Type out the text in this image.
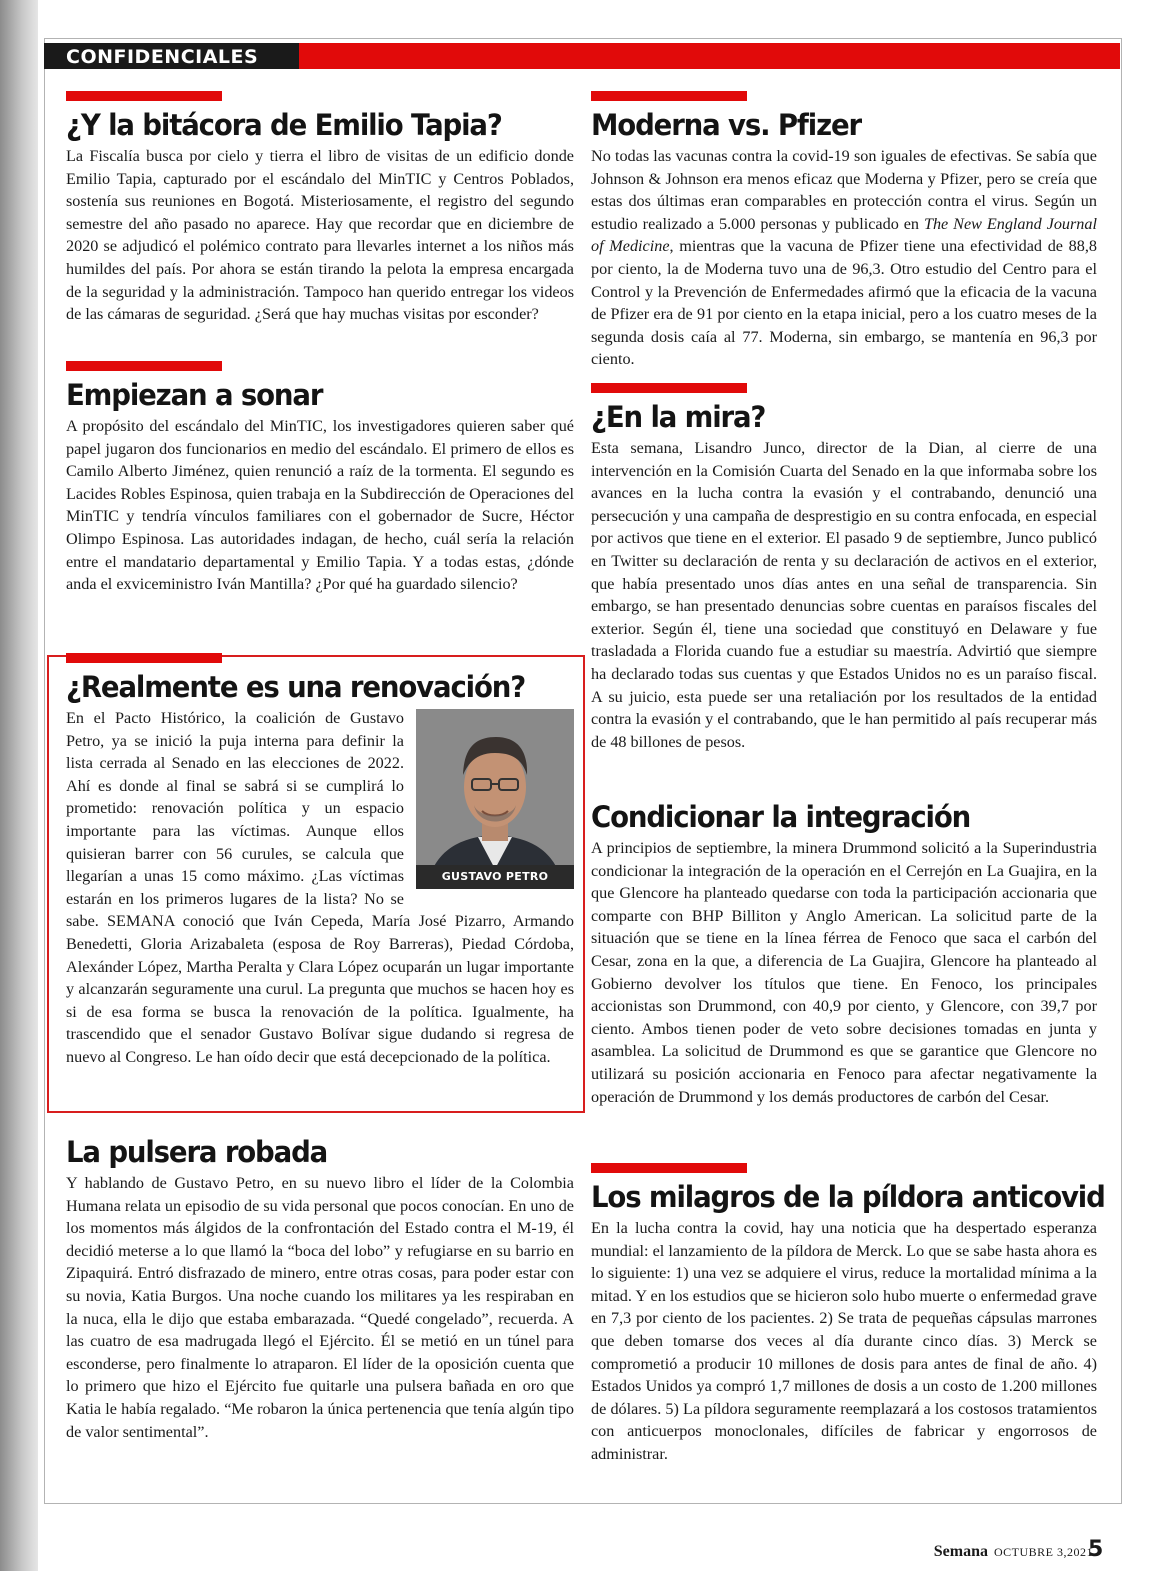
CONFIDENCIALES
¿Y la bitácora de Emilio Tapia?

La Fiscalía busca por cielo y tierra el libro de visitas de un edificio donde Emilio Tapia, capturado por el escándalo del MinTIC y Centros Poblados, sostenía sus reuniones en Bogotá. Misteriosamente, el registro del segundo semestre del año pasado no aparece. Hay que recordar que en diciembre de 2020 se adjudicó el polémico contrato para llevarles internet a los niños más humildes del país. Por ahora se están tirando la pelota la empresa encargada de la seguridad y la administración. Tampoco han querido entregar los videos de las cámaras de seguridad. ¿Será que hay muchas visitas por esconder?

Empiezan a sonar

A propósito del escándalo del MinTIC, los investigadores quieren saber qué papel jugaron dos funcionarios en medio del escándalo. El primero de ellos es Camilo Alberto Jiménez, quien renunció a raíz de la tormenta. El segundo es Lacides Robles Espinosa, quien trabaja en la Subdirección de Operaciones del MinTIC y tendría vínculos familiares con el gobernador de Sucre, Héctor Olimpo Espinosa. Las autoridades indagan, de hecho, cuál sería la relación entre el mandatario departamental y Emilio Tapia. Y a todas estas, ¿dónde anda el exviceministro Iván Mantilla? ¿Por qué ha guardado silencio?

¿Realmente es una renovación?
GUSTAVO PETRO

En el Pacto Histórico, la coalición de Gustavo Petro, ya se inició la puja interna para definir la lista cerrada al Senado en las elecciones de 2022. Ahí es donde al final se sabrá si se cumplirá lo prometido: renovación política y un espacio importante para las víctimas. Aunque ellos quisieran barrer con 56 curules, se calcula que llegarían a unas 15 como máximo. ¿Las víctimas estarán en los primeros lugares de la lista? No se sabe. SEMANA conoció que Iván Cepeda, María José Pizarro, Armando Benedetti, Gloria Arizabaleta (esposa de Roy Barreras), Piedad Córdoba, Alexánder López, Martha Peralta y Clara López ocuparán un lugar importante y alcanzarán seguramente una curul. La pregunta que muchos se hacen hoy es si de esa forma se busca la renovación de la política. Igualmente, ha trascendido que el senador Gustavo Bolívar sigue dudando si regresa de nuevo al Congreso. Le han oído decir que está decepcionado de la política.

La pulsera robada

Y hablando de Gustavo Petro, en su nuevo libro el líder de la Colombia Humana relata un episodio de su vida personal que pocos conocían. En uno de los momentos más álgidos de la confrontación del Estado contra el M-19, él decidió meterse a lo que llamó la “boca del lobo” y refugiarse en su barrio en Zipaquirá. Entró disfrazado de minero, entre otras cosas, para poder estar con su novia, Katia Burgos. Una noche cuando los militares ya les respiraban en la nuca, ella le dijo que estaba embarazada. “Quedé congelado”, recuerda. A las cuatro de esa madrugada llegó el Ejército. Él se metió en un túnel para esconderse, pero finalmente lo atraparon. El líder de la oposición cuenta que lo primero que hizo el Ejército fue quitarle una pulsera bañada en oro que Katia le había regalado. “Me robaron la única pertenencia que tenía algún tipo de valor sentimental”.

Moderna vs. Pfizer

No todas las vacunas contra la covid-19 son iguales de efectivas. Se sabía que Johnson & Johnson era menos eficaz que Moderna y Pfizer, pero se creía que estas dos últimas eran comparables en protección contra el virus. Según un estudio realizado a 5.000 personas y publicado en The New England Journal of Medicine, mientras que la vacuna de Pfizer tiene una efectividad de 88,8 por ciento, la de Moderna tuvo una de 96,3. Otro estudio del Centro para el Control y la Prevención de Enfermedades afirmó que la eficacia de la vacuna de Pfizer era de 91 por ciento en la etapa inicial, pero a los cuatro meses de la segunda dosis caía al 77. Moderna, sin embargo, se mantenía en 96,3 por ciento.

¿En la mira?

Esta semana, Lisandro Junco, director de la Dian, al cierre de una intervención en la Comisión Cuarta del Senado en la que informaba sobre los avances en la lucha contra la evasión y el contrabando, denunció una persecución y una campaña de desprestigio en su contra enfocada, en especial por activos que tiene en el exterior. El pasado 9 de septiembre, Junco publicó en Twitter su declaración de renta y su declaración de activos en el exterior, que había presentado unos días antes en una señal de transparencia. Sin embargo, se han presentado denuncias sobre cuentas en paraísos fiscales del exterior. Según él, tiene una sociedad que constituyó en Delaware y fue trasladada a Florida cuando fue a estudiar su maestría. Advirtió que siempre ha declarado todas sus cuentas y que Estados Unidos no es un paraíso fiscal. A su juicio, esta puede ser una retaliación por los resultados de la entidad contra la evasión y el contrabando, que le han permitido al país recuperar más de 48 billones de pesos.

Condicionar la integración

A principios de septiembre, la minera Drummond solicitó a la Superindustria condicionar la integración de la operación en el Cerrejón en La Guajira, en la que Glencore ha planteado quedarse con toda la participación accionaria que comparte con BHP Billiton y Anglo American. La solicitud parte de la situación que se tiene en la línea férrea de Fenoco que saca el carbón del Cesar, zona en la que, a diferencia de La Guajira, Glencore ha planteado al Gobierno devolver los títulos que tiene. En Fenoco, los principales accionistas son Drummond, con 40,9 por ciento, y Glencore, con 39,7 por ciento. Ambos tienen poder de veto sobre decisiones tomadas en junta y asamblea. La solicitud de Drummond es que se garantice que Glencore no utilizará su posición accionaria en Fenoco para afectar negativamente la operación de Drummond y los demás productores de carbón del Cesar.

Los milagros de la píldora anticovid

En la lucha contra la covid, hay una noticia que ha despertado esperanza mundial: el lanzamiento de la píldora de Merck. Lo que se sabe hasta ahora es lo siguiente: 1) una vez se adquiere el virus, reduce la mortalidad mínima a la mitad. Y en los estudios que se hicieron solo hubo muerte o enfermedad grave en 7,3 por ciento de los pacientes. 2) Se trata de pequeñas cápsulas marrones que deben tomarse dos veces al día durante cinco días. 3) Merck se comprometió a producir 10 millones de dosis para antes de final de año. 4) Estados Unidos ya compró 1,7 millones de dosis a un costo de 1.200 millones de dólares. 5) La píldora seguramente reemplazará a los costosos tratamientos con anticuerpos monoclonales, difíciles de fabricar y engorrosos de administrar.

Semana OCTUBRE 3,2021
5
